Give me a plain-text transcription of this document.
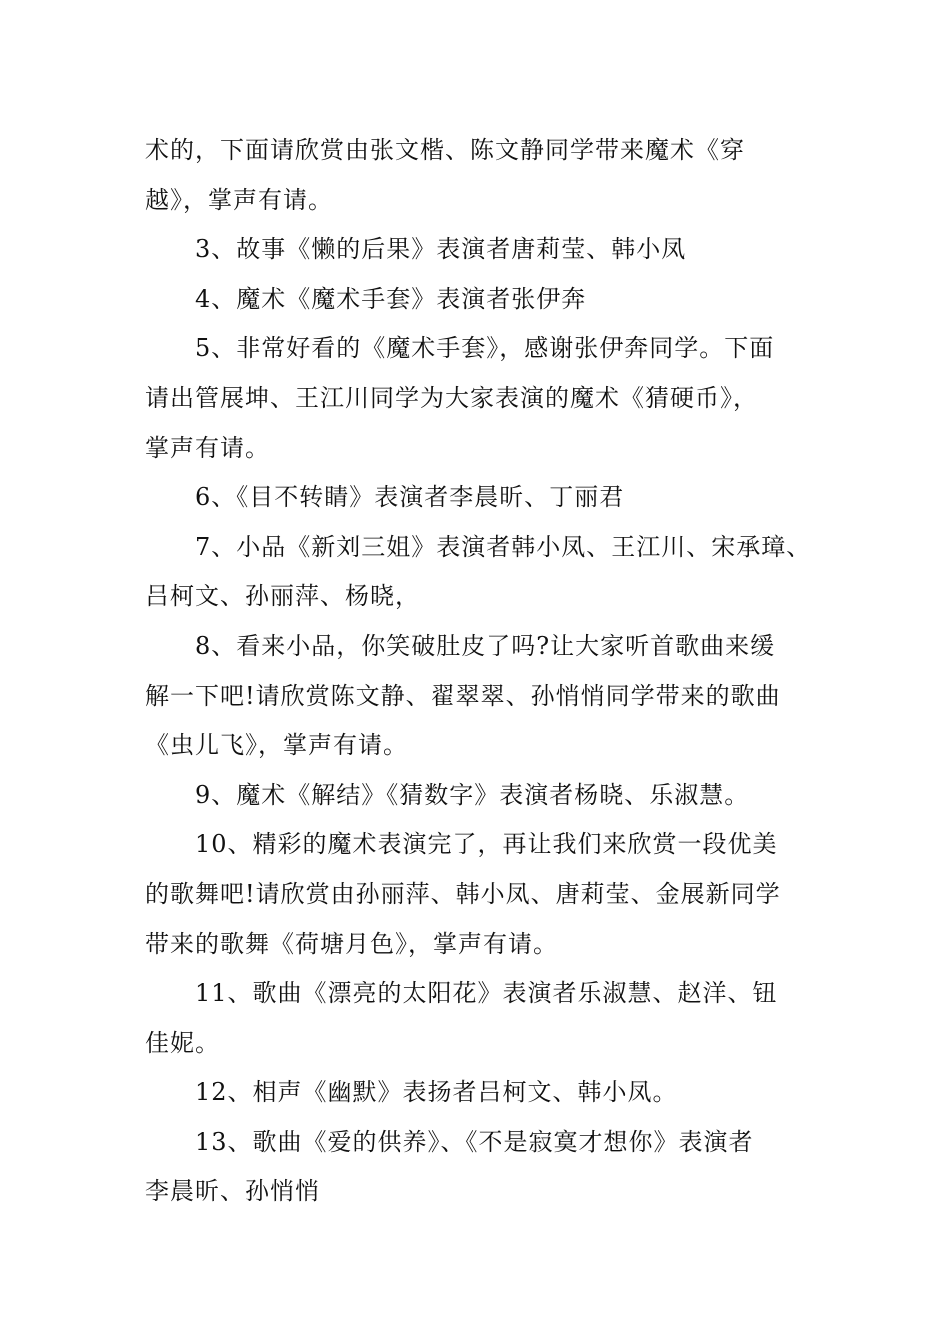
术的，下面请欣赏由张文楷、陈文静同学带来魔术《穿
越》，掌声有请。
3、故事《懒的后果》表演者唐莉莹、韩小凤
4、魔术《魔术手套》表演者张伊奔
5、非常好看的《魔术手套》，感谢张伊奔同学。下面
请出管展坤、王江川同学为大家表演的魔术《猜硬币》，
掌声有请。
6、《目不转睛》表演者李晨昕、丁丽君
7、小品《新刘三姐》表演者韩小凤、王江川、宋承璋、
吕柯文、孙丽萍、杨晓，
8、看来小品，你笑破肚皮了吗?让大家听首歌曲来缓
解一下吧!请欣赏陈文静、翟翠翠、孙悄悄同学带来的歌曲
《虫儿飞》，掌声有请。
9、魔术《解结》《猜数字》表演者杨晓、乐淑慧。
10、精彩的魔术表演完了，再让我们来欣赏一段优美
的歌舞吧!请欣赏由孙丽萍、韩小凤、唐莉莹、金展新同学
带来的歌舞《荷塘月色》，掌声有请。
11、歌曲《漂亮的太阳花》表演者乐淑慧、赵洋、钮
佳妮。
12、相声《幽默》表扬者吕柯文、韩小凤。
13、歌曲《爱的供养》、《不是寂寞才想你》表演者
李晨昕、孙悄悄
